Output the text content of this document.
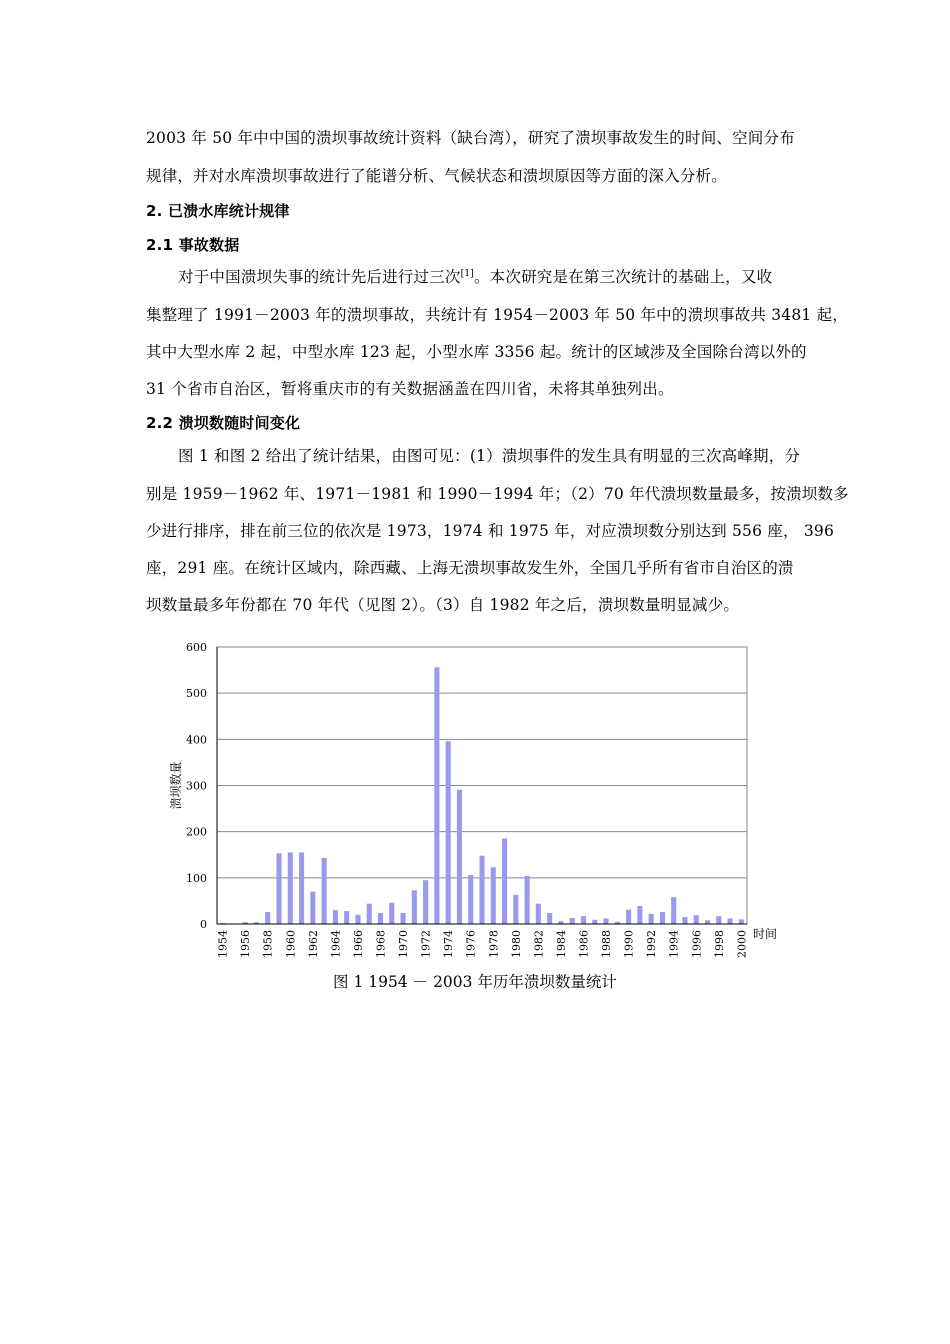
2003 年 50 年中中国的溃坝事故统计资料（缺台湾），研究了溃坝事故发生的时间、空间分布
规律，并对水库溃坝事故进行了能谱分析、气候状态和溃坝原因等方面的深入分析。
2. 已溃水库统计规律
2.1 事故数据
对于中国溃坝失事的统计先后进行过三次[1]。本次研究是在第三次统计的基础上，又收
集整理了 1991－2003 年的溃坝事故，共统计有 1954－2003 年 50 年中的溃坝事故共 3481 起，
其中大型水库 2 起，中型水库 123 起，小型水库 3356 起。统计的区域涉及全国除台湾以外的
31 个省市自治区，暂将重庆市的有关数据涵盖在四川省，未将其单独列出。
2.2 溃坝数随时间变化
图 1 和图 2 给出了统计结果，由图可见：(1）溃坝事件的发生具有明显的三次高峰期，分
别是 1959－1962 年、1971－1981 和 1990－1994 年；（2）70 年代溃坝数量最多，按溃坝数多
少进行排序，排在前三位的依次是 1973，1974 和 1975 年，对应溃坝数分别达到 556 座， 396
座，291 座。在统计区域内，除西藏、上海无溃坝事故发生外，全国几乎所有省市自治区的溃
坝数量最多年份都在 70 年代（见图 2）。（3）自 1982 年之后，溃坝数量明显减少。
0
100
200
300
400
500
600
1954 1956 1958 1960 1962 1964 1966 1968 1970 1972 1974 1976 1978 1980 1982 1984 1986 1988 1990 1992 1994 1996 1998 2000
溃坝数量
时间
图 1 1954 － 2003 年历年溃坝数量统计
